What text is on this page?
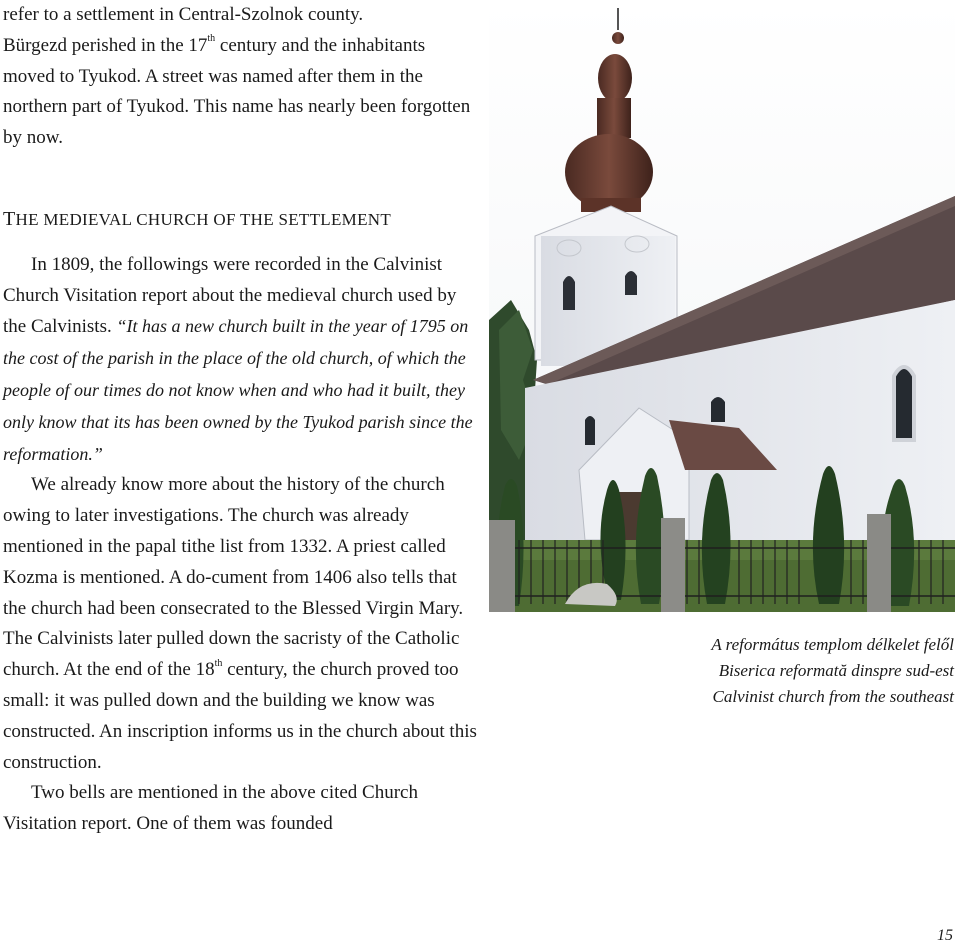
refer to a settlement in Central-Szolnok county.
Bürgezd perished in the 17th century and the inhabitants moved to Tyukod. A street was named after them in the northern part of Tyukod. This name has nearly been forgotten by now.

THE MEDIEVAL CHURCH OF THE SETTLEMENT

In 1809, the followings were recorded in the Calvinist Church Visitation report about the medieval church used by the Calvinists. “It has a new church built in the year of 1795 on the cost of the parish in the place of the old church, of which the people of our times do not know when and who had it built, they only know that its has been owned by the Tyukod parish since the reformation.”

We already know more about the history of the church owing to later investigations. The church was already mentioned in the papal tithe list from 1332. A priest called Kozma is mentioned. A do-cument from 1406 also tells that the church had been consecrated to the Blessed Virgin Mary. The Calvinists later pulled down the sacristy of the Catholic church. At the end of the 18th century, the church proved too small: it was pulled down and the building we know was constructed. An inscription informs us in the church about this construction.

Two bells are mentioned in the above cited Church Visitation report. One of them was founded

A református templom délkelet felől
Biserica reformată dinspre sud-est
Calvinist church from the southeast
15
